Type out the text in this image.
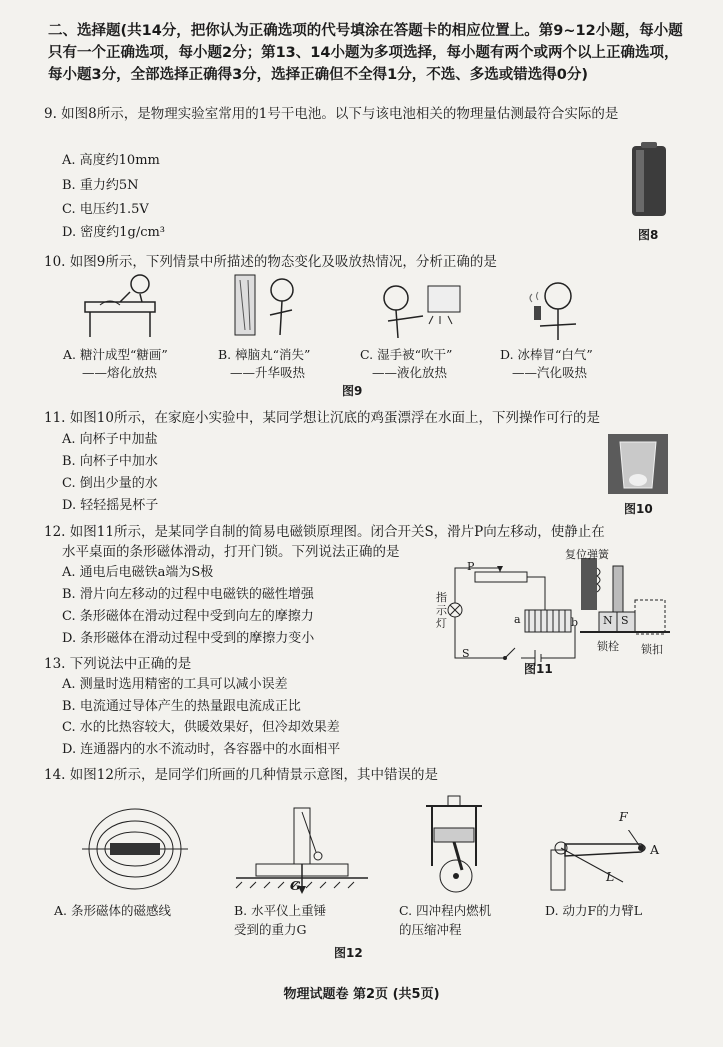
二、选择题(共14分，把你认为正确选项的代号填涂在答题卡的相应位置上。第9~12小题，每小题只有一个正确选项，每小题2分；第13、14小题为多项选择，每小题有两个或两个以上正确选项，每小题3分，全部选择正确得3分，选择正确但不全得1分，不选、多选或错选得0分)
9. 如图8所示，是物理实验室常用的1号干电池。以下与该电池相关的物理量估测最符合实际的是
A. 高度约10mm
B. 重力约5N
C. 电压约1.5V
D. 密度约1g/cm³	图8
10. 如图9所示，下列情景中所描述的物态变化及吸放热情况，分析正确的是
A. 糖汁成型“糖画”
——熔化放热
B. 樟脑丸“消失”
——升华吸热
C. 湿手被“吹干”
——液化放热
D. 冰棒冒“白气”
——汽化吸热
图9
11. 如图10所示，在家庭小实验中，某同学想让沉底的鸡蛋漂浮在水面上，下列操作可行的是
A. 向杯子中加盐
B. 向杯子中加水
C. 倒出少量的水
D. 轻轻摇晃杯子	图10
12. 如图11所示，是某同学自制的简易电磁锁原理图。闭合开关S，滑片P向左移动，使静止在
水平桌面的条形磁体滑动，打开门锁。下列说法正确的是
A. 通电后电磁铁a端为S极
B. 滑片向左移动的过程中电磁铁的磁性增强
C. 条形磁体在滑动过程中受到向左的摩擦力
D. 条形磁体在滑动过程中受到的摩擦力变小
复位弹簧
指示灯
P
S
a	b N S
锁栓 锁扣
图11
13. 下列说法中正确的是
A. 测量时选用精密的工具可以减小误差
B. 电流通过导体产生的热量跟电流成正比
C. 水的比热容较大，供暖效果好，但冷却效果差
D. 连通器内的水不流动时，各容器中的水面相平
14. 如图12所示，是同学们所画的几种情景示意图，其中错误的是
G
F
A
L
A. 条形磁体的磁感线	B. 水平仪上重锤
受到的重力G
C. 四冲程内燃机
的压缩冲程
D. 动力F的力臂L
图12
物理试题卷 第2页 (共5页)
